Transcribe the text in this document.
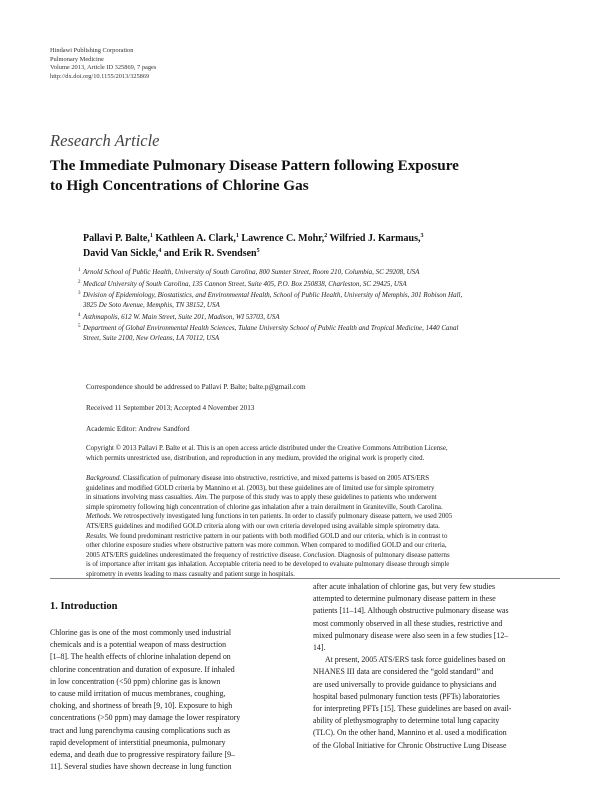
Hindawi Publishing Corporation
Pulmonary Medicine
Volume 2013, Article ID 325869, 7 pages
http://dx.doi.org/10.1155/2013/325869
Research Article
The Immediate Pulmonary Disease Pattern following Exposure
to High Concentrations of Chlorine Gas
Pallavi P. Balte,$^1$ Kathleen A. Clark,$^1$ Lawrence C. Mohr,$^2$ Wilfried J. Karmaus,$^3$
David Van Sickle,$^4$ and Erik R. Svendsen$^5$
1 Arnold School of Public Health, University of South Carolina, 800 Sumter Street, Room 210, Columbia, SC 29208, USA
2 Medical University of South Carolina, 135 Cannon Street, Suite 405, P.O. Box 250838, Charleston, SC 29425, USA
3 Division of Epidemiology, Biostatistics, and Environmental Health, School of Public Health, University of Memphis, 301 Robison Hall,
3825 De Soto Avenue, Memphis, TN 38152, USA
4 Asthmapolis, 612 W. Main Street, Suite 201, Madison, WI 53703, USA
5 Department of Global Environmental Health Sciences, Tulane University School of Public Health and Tropical Medicine, 1440 Canal
Street, Suite 2100, New Orleans, LA 70112, USA
Correspondence should be addressed to Pallavi P. Balte; balte.p@gmail.com
Received 11 September 2013; Accepted 4 November 2013
Academic Editor: Andrew Sandford
Copyright © 2013 Pallavi P. Balte et al. This is an open access article distributed under the Creative Commons Attribution License,
which permits unrestricted use, distribution, and reproduction in any medium, provided the original work is properly cited.
Background. Classification of pulmonary disease into obstructive, restrictive, and mixed patterns is based on 2005 ATS/ERS
guidelines and modified GOLD criteria by Mannino et al. (2003), but these guidelines are of limited use for simple spirometry
in situations involving mass casualties. Aim. The purpose of this study was to apply these guidelines to patients who underwent
simple spirometry following high concentration of chlorine gas inhalation after a train derailment in Graniteville, South Carolina.
Methods. We retrospectively investigated lung functions in ten patients. In order to classify pulmonary disease pattern, we used 2005
ATS/ERS guidelines and modified GOLD criteria along with our own criteria developed using available simple spirometry data.
Results. We found predominant restrictive pattern in our patients with both modified GOLD and our criteria, which is in contrast to
other chlorine exposure studies where obstructive pattern was more common. When compared to modified GOLD and our criteria,
2005 ATS/ERS guidelines underestimated the frequency of restrictive disease. Conclusion. Diagnosis of pulmonary disease patterns
is of importance after irritant gas inhalation. Acceptable criteria need to be developed to evaluate pulmonary disease through simple
spirometry in events leading to mass casualty and patient surge in hospitals.
1. Introduction
Chlorine gas is one of the most commonly used industrial
chemicals and is a potential weapon of mass destruction
[1–8]. The health effects of chlorine inhalation depend on
chlorine concentration and duration of exposure. If inhaled
in low concentration (<50 ppm) chlorine gas is known
to cause mild irritation of mucus membranes, coughing,
choking, and shortness of breath [9, 10]. Exposure to high
concentrations (>50 ppm) may damage the lower respiratory
tract and lung parenchyma causing complications such as
rapid development of interstitial pneumonia, pulmonary
edema, and death due to progressive respiratory failure [9–
11]. Several studies have shown decrease in lung function
after acute inhalation of chlorine gas, but very few studies
attempted to determine pulmonary disease pattern in these
patients [11–14]. Although obstructive pulmonary disease was
most commonly observed in all these studies, restrictive and
mixed pulmonary disease were also seen in a few studies [12–
14].
At present, 2005 ATS/ERS task force guidelines based on
NHANES III data are considered the “gold standard” and
are used universally to provide guidance to physicians and
hospital based pulmonary function tests (PFTs) laboratories
for interpreting PFTs [15]. These guidelines are based on avail-
ability of plethysmography to determine total lung capacity
(TLC). On the other hand, Mannino et al. used a modification
of the Global Initiative for Chronic Obstructive Lung Disease
